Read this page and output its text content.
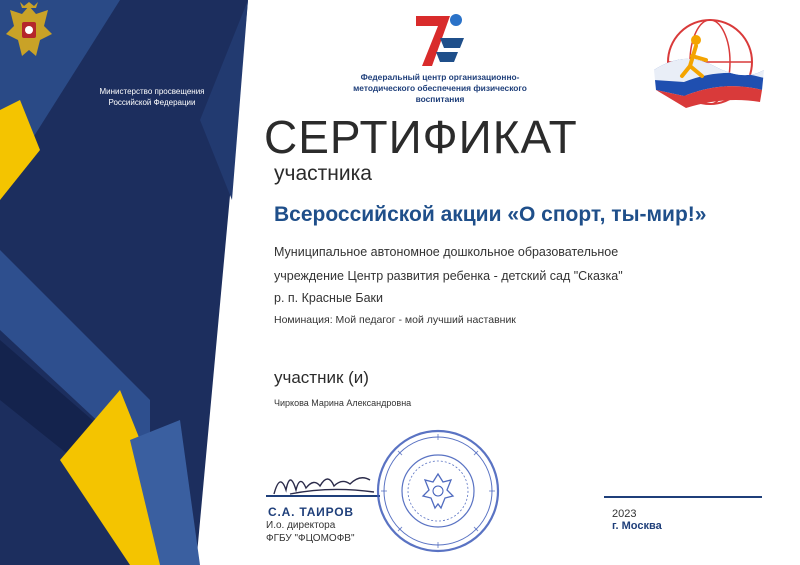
Министерство просвещения Российской Федерации
Федеральный центр организационно-методического обеспечения физического воспитания
СЕРТИФИКАТ
участника
Всероссийской акции «О спорт, ты-мир!»
Муниципальное автономное дошкольное образовательное
учреждение Центр развития ребенка - детский сад "Сказка"
р. п. Красные Баки
Номинация: Мой педагог - мой лучший наставник
участник (и)
Чиркова Марина Александровна
С.А. ТАИРОВ
И.о. директора
ФГБУ "ФЦОМОФВ"
2023
г. Москва
